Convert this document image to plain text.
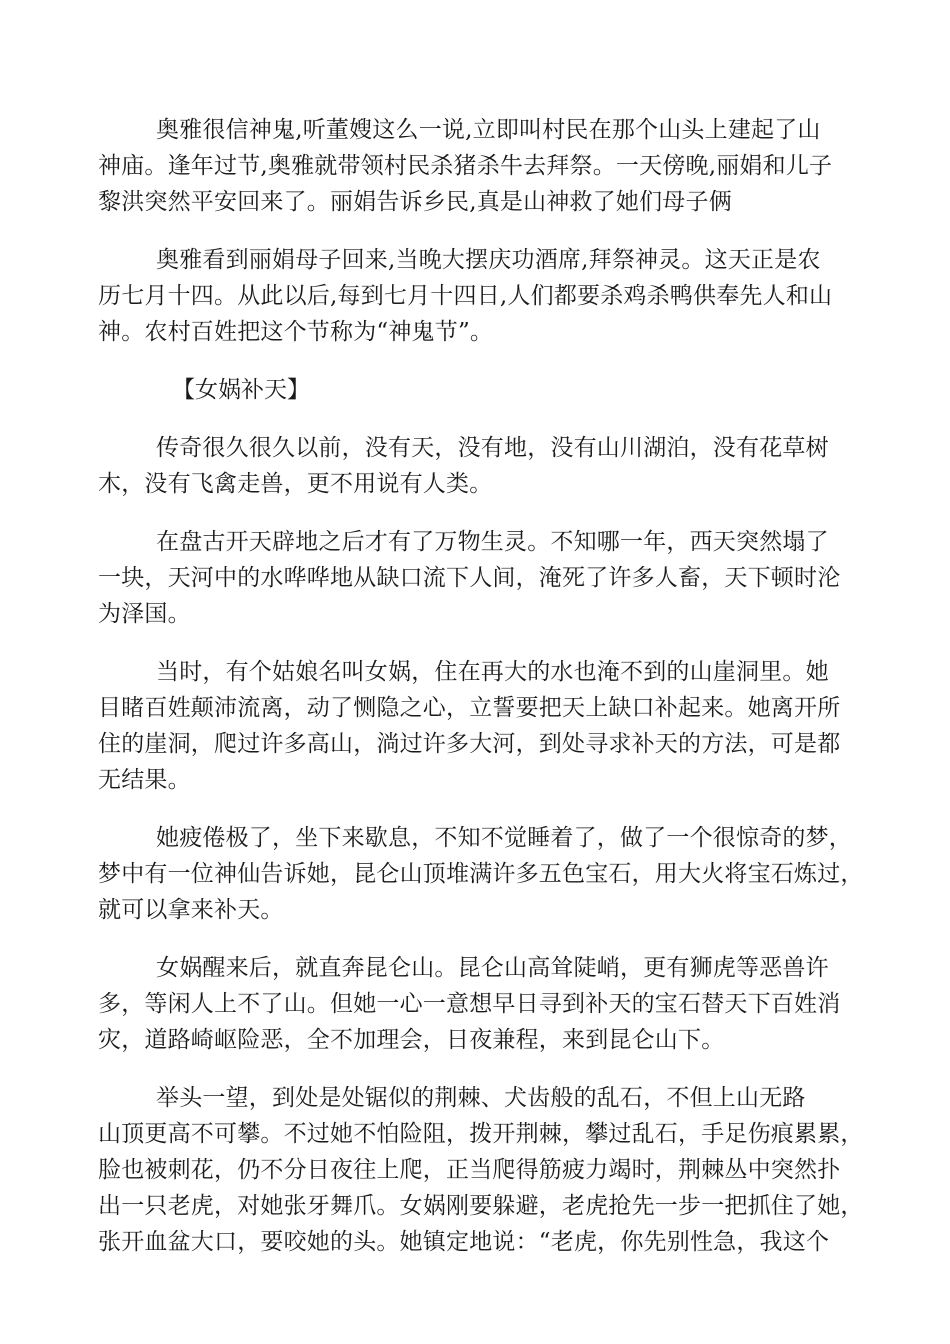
奥雅很信神鬼,听董嫂这么一说,立即叫村民在那个山头上建起了山
神庙。逢年过节,奥雅就带领村民杀猪杀牛去拜祭。一天傍晚,丽娟和儿子
黎洪突然平安回来了。丽娟告诉乡民,真是山神救了她们母子俩
奥雅看到丽娟母子回来,当晚大摆庆功酒席,拜祭神灵。这天正是农
历七月十四。从此以后,每到七月十四日,人们都要杀鸡杀鸭供奉先人和山
神。农村百姓把这个节称为“神鬼节”。
【女娲补天】
传奇很久很久以前，没有天，没有地，没有山川湖泊，没有花草树
木，没有飞禽走兽，更不用说有人类。
在盘古开天辟地之后才有了万物生灵。不知哪一年，西天突然塌了
一块，天河中的水哗哗地从缺口流下人间，淹死了许多人畜，天下顿时沦
为泽国。
当时，有个姑娘名叫女娲，住在再大的水也淹不到的山崖洞里。她
目睹百姓颠沛流离，动了恻隐之心，立誓要把天上缺口补起来。她离开所
住的崖洞，爬过许多高山，淌过许多大河，到处寻求补天的方法，可是都
无结果。
她疲倦极了，坐下来歇息，不知不觉睡着了，做了一个很惊奇的梦，
梦中有一位神仙告诉她，昆仑山顶堆满许多五色宝石，用大火将宝石炼过，
就可以拿来补天。
女娲醒来后，就直奔昆仑山。昆仑山高耸陡峭，更有狮虎等恶兽许
多，等闲人上不了山。但她一心一意想早日寻到补天的宝石替天下百姓消
灾，道路崎岖险恶，全不加理会，日夜兼程，来到昆仑山下。
举头一望，到处是处锯似的荆棘、犬齿般的乱石，不但上山无路
山顶更高不可攀。不过她不怕险阻，拨开荆棘，攀过乱石，手足伤痕累累，
脸也被刺花，仍不分日夜往上爬，正当爬得筋疲力竭时，荆棘丛中突然扑
出一只老虎，对她张牙舞爪。女娲刚要躲避，老虎抢先一步一把抓住了她，
张开血盆大口，要咬她的头。她镇定地说：“老虎，你先别性急，我这个
